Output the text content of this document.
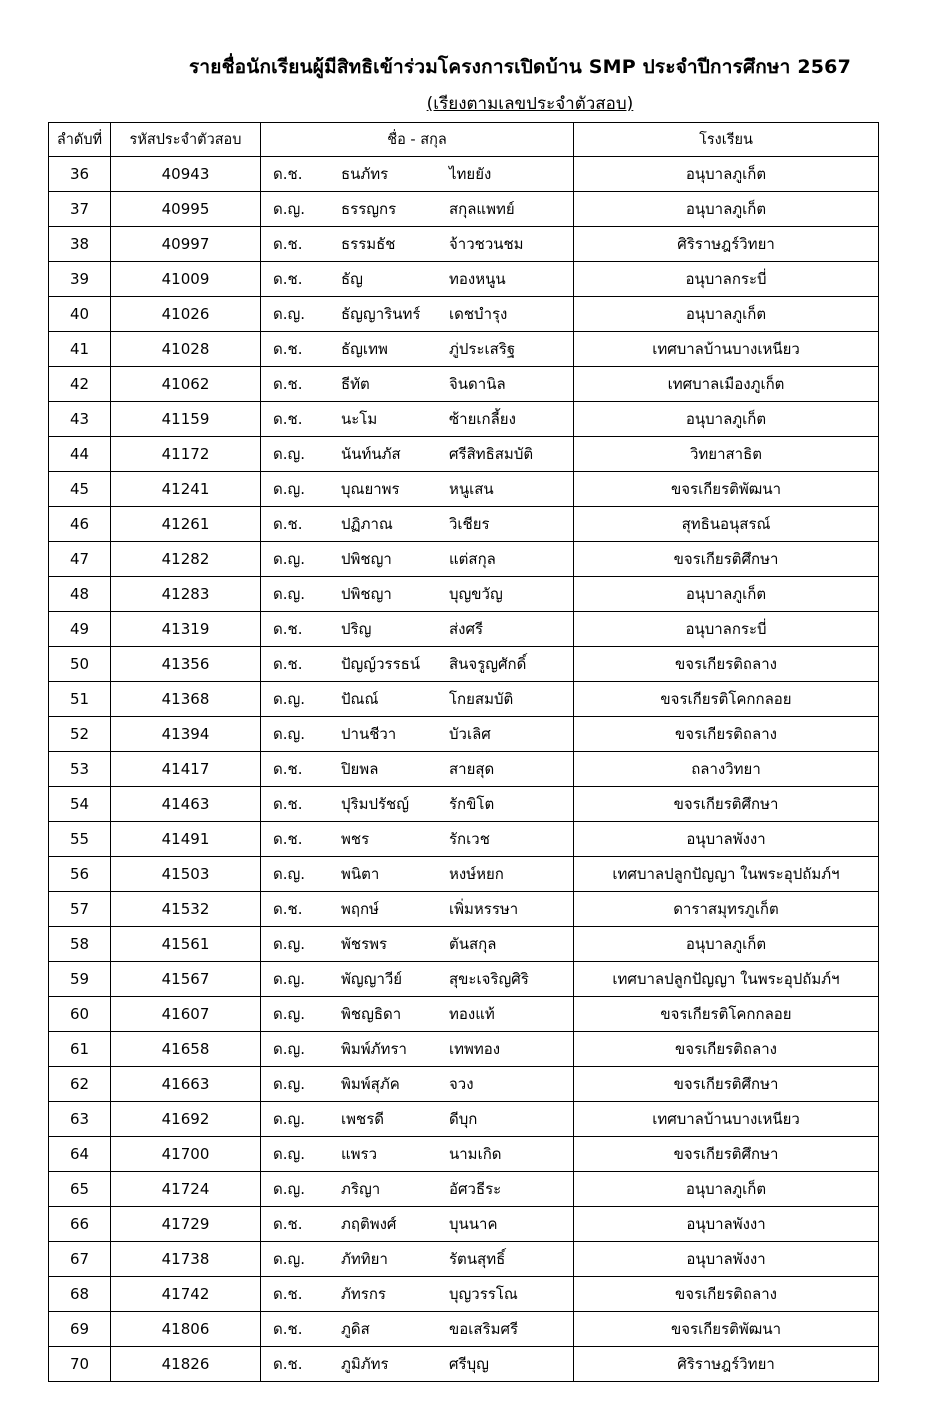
รายชื่อนักเรียนผู้มีสิทธิเข้าร่วมโครงการเปิดบ้าน SMP ประจำปีการศึกษา 2567
(เรียงตามเลขประจำตัวสอบ)
ลำดับที่	รหัสประจำตัวสอบ	ชื่อ - สกุล	โรงเรียน
36	40943	ด.ช. ธนภัทร ไทยยัง	อนุบาลภูเก็ต
37	40995	ด.ญ. ธรรญกร สกุลแพทย์	อนุบาลภูเก็ต
38	40997	ด.ช. ธรรมธัช จ้าวชวนชม	ศิริราษฎร์วิทยา
39	41009	ด.ช. ธัญ ทองหนูน	อนุบาลกระบี่
40	41026	ด.ญ. ธัญญารินทร์ เดชบำรุง	อนุบาลภูเก็ต
41	41028	ด.ช. ธัญเทพ ภู่ประเสริฐ	เทศบาลบ้านบางเหนียว
42	41062	ด.ช. ธีทัต จินดานิล	เทศบาลเมืองภูเก็ต
43	41159	ด.ช. นะโม ซ้ายเกลี้ยง	อนุบาลภูเก็ต
44	41172	ด.ญ. นันท์นภัส ศรีสิทธิสมบัติ	วิทยาสาธิต
45	41241	ด.ญ. บุณยาพร หนูเสน	ขจรเกียรติพัฒนา
46	41261	ด.ช. ปฏิภาณ วิเชียร	สุทธินอนุสรณ์
47	41282	ด.ญ. ปพิชญา แต่สกุล	ขจรเกียรติศึกษา
48	41283	ด.ญ. ปพิชญา บุญขวัญ	อนุบาลภูเก็ต
49	41319	ด.ช. ปริญ ส่งศรี	อนุบาลกระบี่
50	41356	ด.ช. ปัญญ์วรรธน์ สินจรูญศักดิ์	ขจรเกียรติถลาง
51	41368	ด.ญ. ปัณณ์ โกยสมบัติ	ขจรเกียรติโคกกลอย
52	41394	ด.ญ. ปานชีวา บัวเลิศ	ขจรเกียรติถลาง
53	41417	ด.ช. ปิยพล สายสุด	ถลางวิทยา
54	41463	ด.ช. ปุริมปรัชญ์ รักขิโต	ขจรเกียรติศึกษา
55	41491	ด.ช. พชร รักเวช	อนุบาลพังงา
56	41503	ด.ญ. พนิตา หงษ์หยก	เทศบาลปลูกปัญญา ในพระอุปถัมภ์ฯ
57	41532	ด.ช. พฤกษ์ เพิ่มหรรษา	ดาราสมุทรภูเก็ต
58	41561	ด.ญ. พัชรพร ตันสกุล	อนุบาลภูเก็ต
59	41567	ด.ญ. พัญญาวีย์ สุขะเจริญศิริ	เทศบาลปลูกปัญญา ในพระอุปถัมภ์ฯ
60	41607	ด.ญ. พิชญธิดา ทองแท้	ขจรเกียรติโคกกลอย
61	41658	ด.ญ. พิมพ์ภัทรา เทพทอง	ขจรเกียรติถลาง
62	41663	ด.ญ. พิมพ์สุภัค จวง	ขจรเกียรติศึกษา
63	41692	ด.ญ. เพชรดี ดีบุก	เทศบาลบ้านบางเหนียว
64	41700	ด.ญ. แพรว นามเกิด	ขจรเกียรติศึกษา
65	41724	ด.ญ. ภริญา อัศวธีระ	อนุบาลภูเก็ต
66	41729	ด.ช. ภฤติพงศ์ บุนนาค	อนุบาลพังงา
67	41738	ด.ญ. ภัททิยา รัตนสุทธิ์	อนุบาลพังงา
68	41742	ด.ช. ภัทรกร บุญวรรโณ	ขจรเกียรติถลาง
69	41806	ด.ช. ภูดิส ขอเสริมศรี	ขจรเกียรติพัฒนา
70	41826	ด.ช. ภูมิภัทร ศรีบุญ	ศิริราษฎร์วิทยา
